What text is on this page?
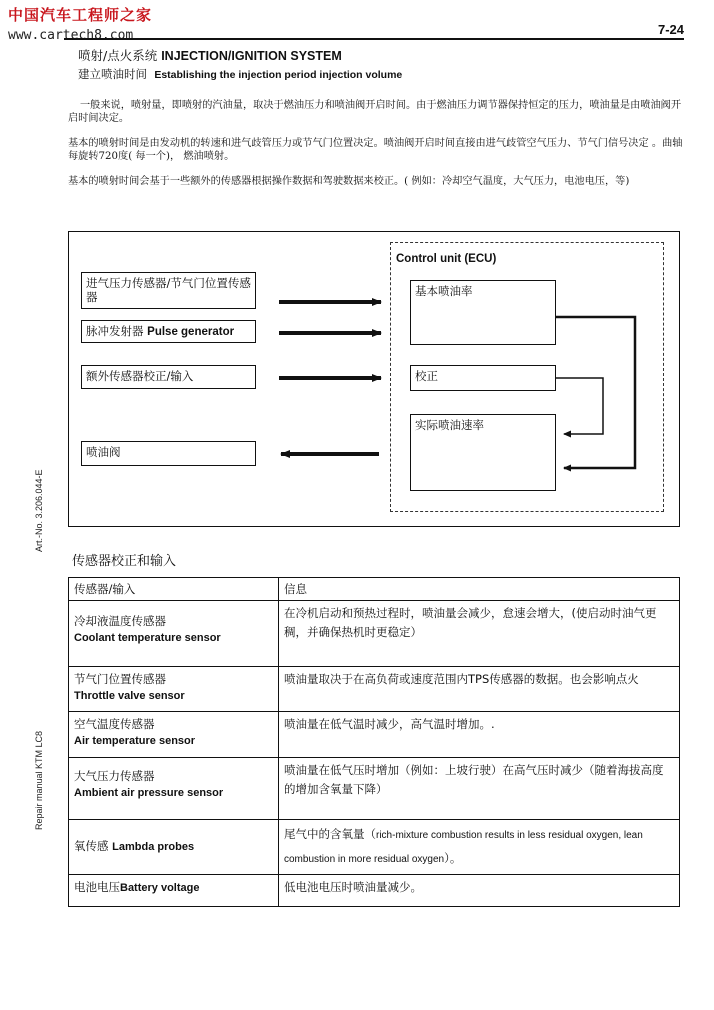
中国汽车工程师之家
www.cartech8.com	7-24
喷射/点火系统 INJECTION/IGNITION SYSTEM
建立喷油时间 Establishing the injection period injection volume
一般来说，喷射量，即喷射的汽油量，取决于燃油压力和喷油阀开启时间。由于燃油压力调节器保持恒定的压力，喷油量是由喷油阀开启时间决定。
基本的喷射时间是由发动机的转速和进气歧管压力或节气门位置决定。喷油阀开启时间直接由进气歧管空气压力、节气门信号决定 。曲轴每旋转720度( 每一个)， 燃油喷射。
基本的喷射时间会基于一些额外的传感器根据操作数据和驾驶数据来校正。( 例如：冷却空气温度，大气压力，电池电压，等)
Art.-No. 3.206.044-E
Repair manual KTM LC8
Control unit (ECU)
进气压力传感器/节气门位置传感器
脉冲发射器 Pulse generator
额外传感器校正/输入
喷油阀
基本喷油率
校正
实际喷油速率
传感器校正和输入
传感器/输入	信息

冷却液温度传感器
Coolant temperature sensor	在冷机启动和预热过程时，喷油量会减少，怠速会增大，(使启动时油气更稠，并确保热机时更稳定）

节气门位置传感器
Throttle valve sensor	喷油量取决于在高负荷或速度范围内TPS传感器的数据。也会影响点火

空气温度传感器
Air temperature sensor	喷油量在低气温时减少，高气温时增加。.

大气压力传感器
Ambient air pressure sensor	喷油量在低气压时增加（例如：上坡行驶）在高气压时减少（随着海拔高度的增加含氧量下降）
氧传感 Lambda probes	尾气中的含氧量（rich-mixture combustion results in less residual oxygen, lean combustion in more residual oxygen）。
电池电压Battery voltage	低电池电压时喷油量减少。
